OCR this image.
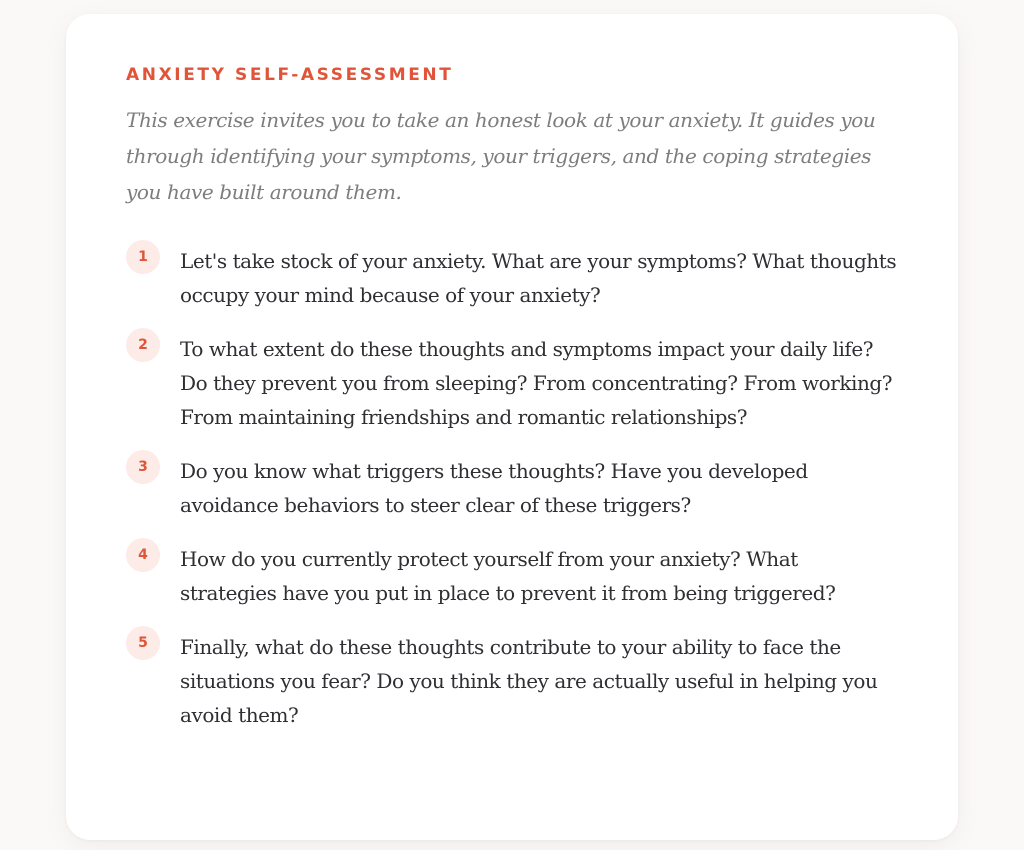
ANXIETY SELF-ASSESSMENT

This exercise invites you to take an honest look at your anxiety. It guides you through identifying your symptoms, your triggers, and the coping strategies you have built around them.

1	Let's take stock of your anxiety. What are your symptoms? What thoughts occupy your mind because of your anxiety?
2	To what extent do these thoughts and symptoms impact your daily life? Do they prevent you from sleeping? From concentrating? From working? From maintaining friendships and romantic relationships?
3	Do you know what triggers these thoughts? Have you developed avoidance behaviors to steer clear of these triggers?
4	How do you currently protect yourself from your anxiety? What strategies have you put in place to prevent it from being triggered?
5	Finally, what do these thoughts contribute to your ability to face the situations you fear? Do you think they are actually useful in helping you avoid them?
